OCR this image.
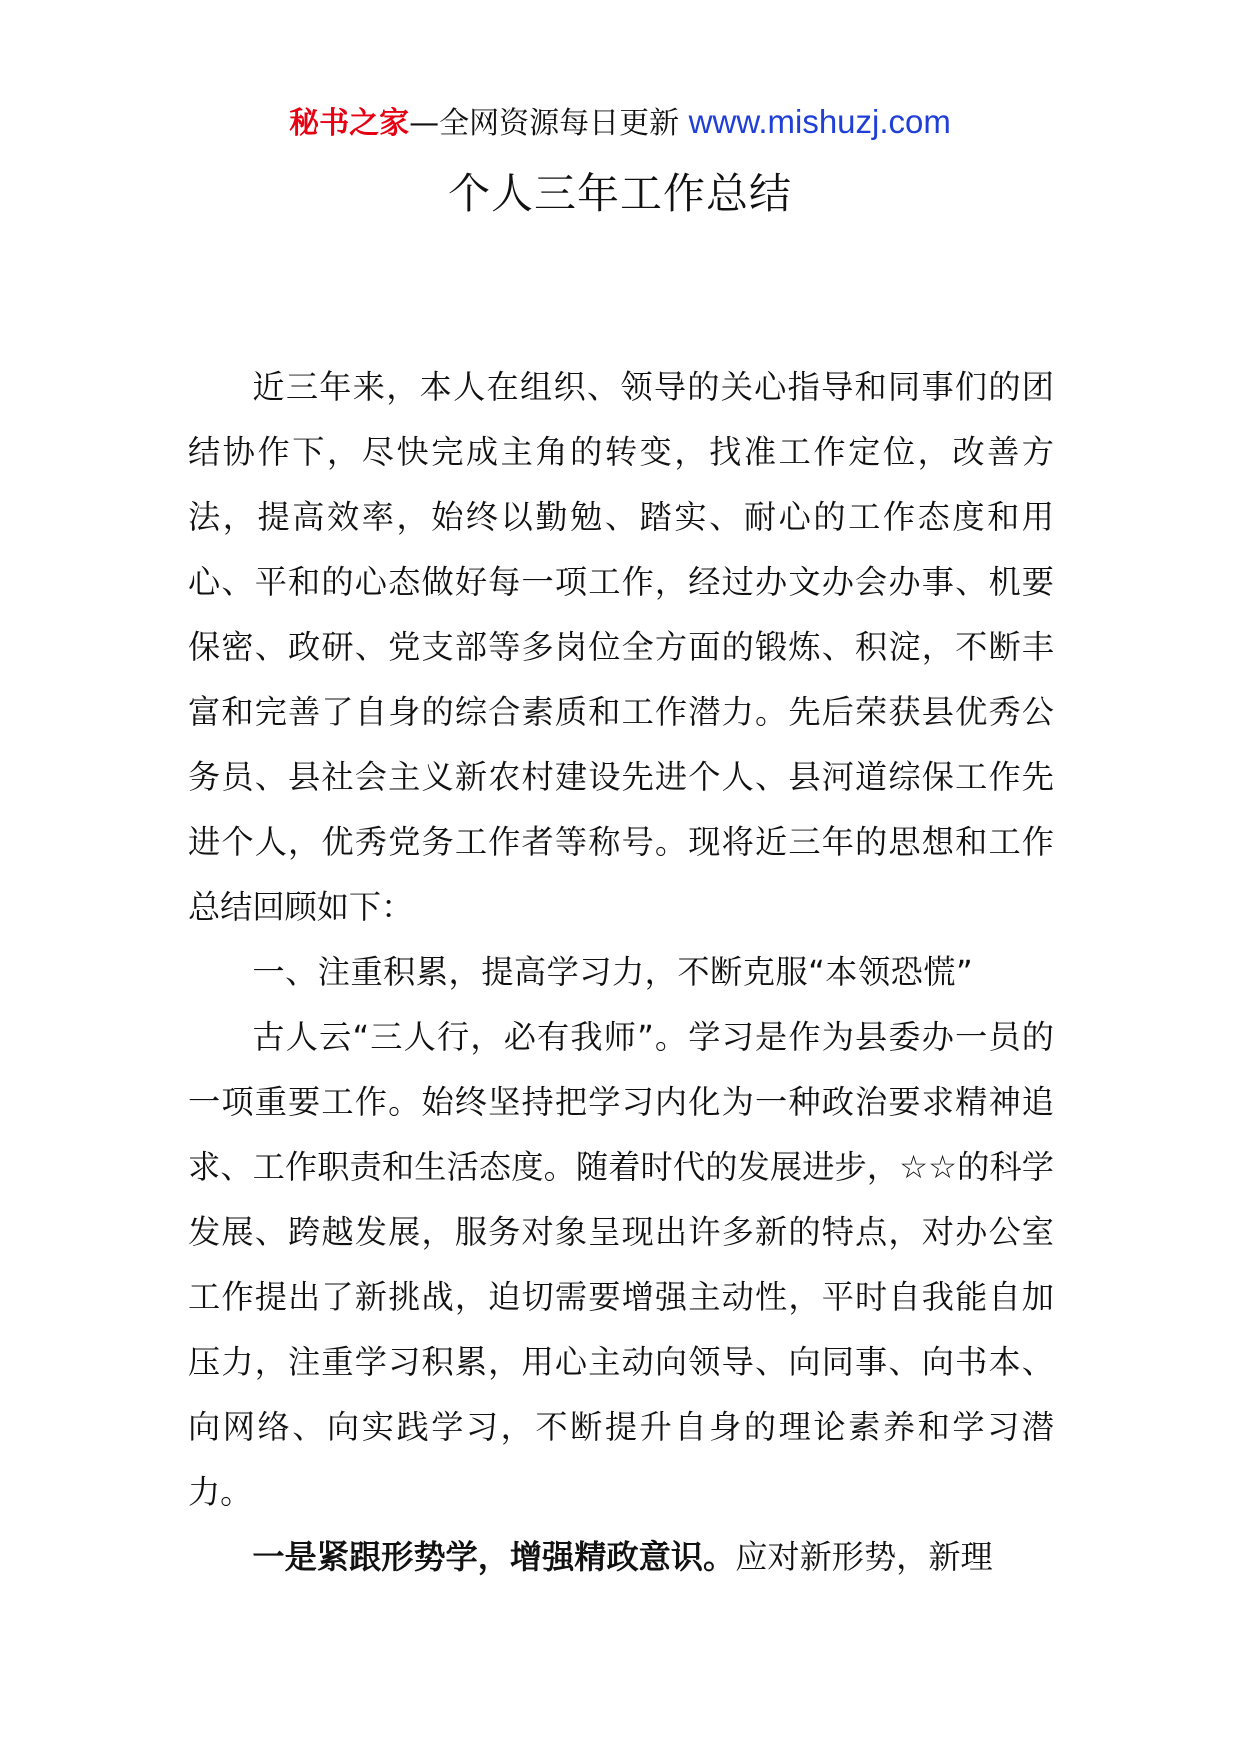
秘书之家—全网资源每日更新 www.mishuzj.com
个人三年工作总结

近三年来，本人在组织、领导的关心指导和同事们的团结协作下，尽快完成主角的转变，找准工作定位，改善方法，提高效率，始终以勤勉、踏实、耐心的工作态度和用心、平和的心态做好每一项工作，经过办文办会办事、机要保密、政研、党支部等多岗位全方面的锻炼、积淀，不断丰富和完善了自身的综合素质和工作潜力。先后荣获县优秀公务员、县社会主义新农村建设先进个人、县河道综保工作先进个人，优秀党务工作者等称号。现将近三年的思想和工作总结回顾如下：

一、注重积累，提高学习力，不断克服“本领恐慌”

古人云“三人行，必有我师”。学习是作为县委办一员的一项重要工作。始终坚持把学习内化为一种政治要求精神追求、工作职责和生活态度。随着时代的发展进步，☆☆的科学发展、跨越发展，服务对象呈现出许多新的特点，对办公室工作提出了新挑战，迫切需要增强主动性，平时自我能自加压力，注重学习积累，用心主动向领导、向同事、向书本、向网络、向实践学习，不断提升自身的理论素养和学习潜力。

一是紧跟形势学，增强精政意识。应对新形势，新理
